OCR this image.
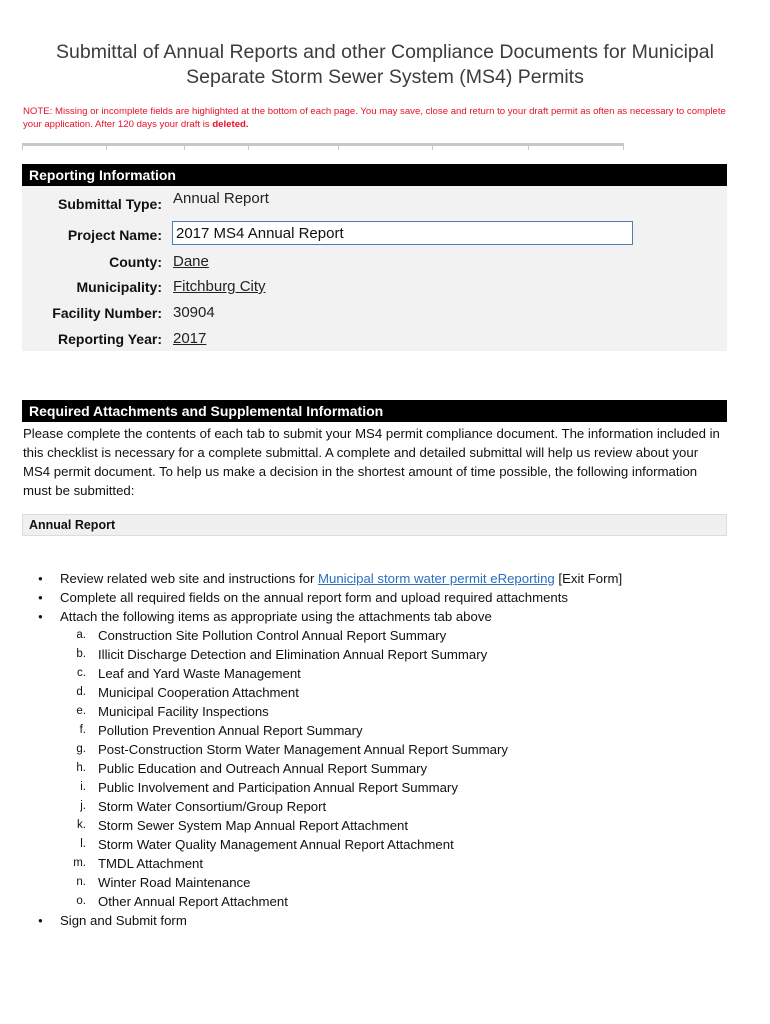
Submittal of Annual Reports and other Compliance Documents for Municipal
Separate Storm Sewer System (MS4) Permits

NOTE: Missing or incomplete fields are highlighted at the bottom of each page. You may save, close and return to your draft permit as often as necessary to complete your application. After 120 days your draft is deleted.

Reporting Information
Submittal Type: Annual Report
Project Name:
2017 MS4 Annual Report
County: Dane
Municipality: Fitchburg City
Facility Number: 30904
Reporting Year: 2017
Required Attachments and Supplemental Information

Please complete the contents of each tab to submit your MS4 permit compliance document. The information included in this checklist is necessary for a complete submittal. A complete and detailed submittal will help us review about your MS4 permit document. To help us make a decision in the shortest amount of time possible, the following information must be submitted:

Annual Report
● Review related web site and instructions for Municipal storm water permit eReporting [Exit Form]
● Complete all required fields on the annual report form and upload required attachments
● Attach the following items as appropriate using the attachments tab above
a. Construction Site Pollution Control Annual Report Summary
b. Illicit Discharge Detection and Elimination Annual Report Summary
c. Leaf and Yard Waste Management
d. Municipal Cooperation Attachment
e. Municipal Facility Inspections
f. Pollution Prevention Annual Report Summary
g. Post-Construction Storm Water Management Annual Report Summary
h. Public Education and Outreach Annual Report Summary
i. Public Involvement and Participation Annual Report Summary
j. Storm Water Consortium/Group Report
k. Storm Sewer System Map Annual Report Attachment
l. Storm Water Quality Management Annual Report Attachment
m. TMDL Attachment
n. Winter Road Maintenance
o. Other Annual Report Attachment
● Sign and Submit form
